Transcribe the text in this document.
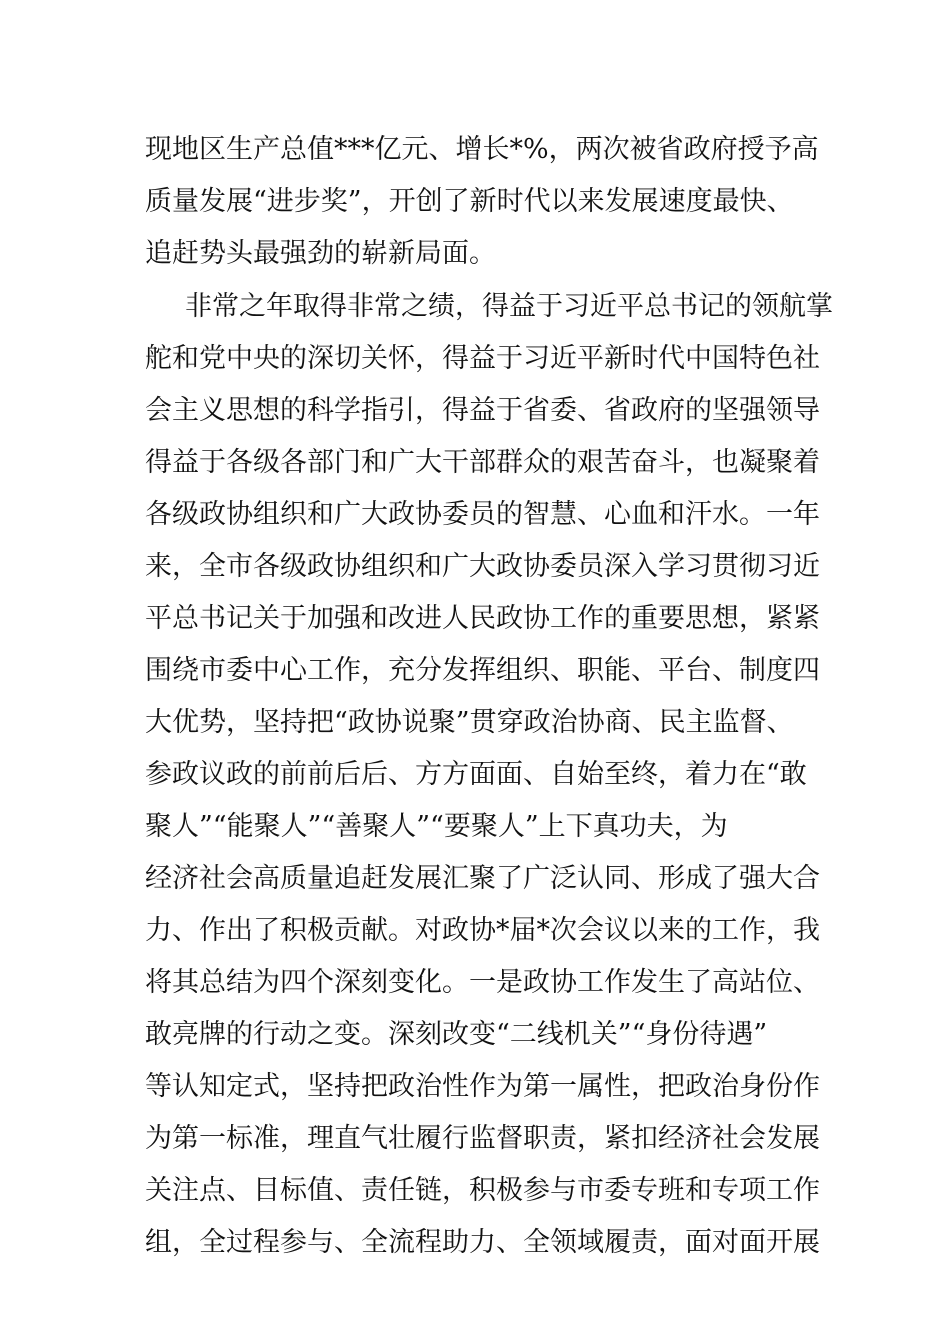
现地区生产总值***亿元、增长*%，两次被省政府授予高
质量发展“进步奖”，开创了新时代以来发展速度最快、
追赶势头最强劲的崭新局面。
非常之年取得非常之绩，得益于习近平总书记的领航掌
舵和党中央的深切关怀，得益于习近平新时代中国特色社
会主义思想的科学指引，得益于省委、省政府的坚强领导
得益于各级各部门和广大干部群众的艰苦奋斗，也凝聚着
各级政协组织和广大政协委员的智慧、心血和汗水。一年
来，全市各级政协组织和广大政协委员深入学习贯彻习近
平总书记关于加强和改进人民政协工作的重要思想，紧紧
围绕市委中心工作，充分发挥组织、职能、平台、制度四
大优势，坚持把“政协说聚”贯穿政治协商、民主监督、
参政议政的前前后后、方方面面、自始至终，着力在“敢
聚人”“能聚人”“善聚人”“要聚人”上下真功夫，为
经济社会高质量追赶发展汇聚了广泛认同、形成了强大合
力、作出了积极贡献。对政协*届*次会议以来的工作，我
将其总结为四个深刻变化。一是政协工作发生了高站位、
敢亮牌的行动之变。深刻改变“二线机关”“身份待遇”
等认知定式，坚持把政治性作为第一属性，把政治身份作
为第一标准，理直气壮履行监督职责，紧扣经济社会发展
关注点、目标值、责任链，积极参与市委专班和专项工作
组，全过程参与、全流程助力、全领域履责，面对面开展
